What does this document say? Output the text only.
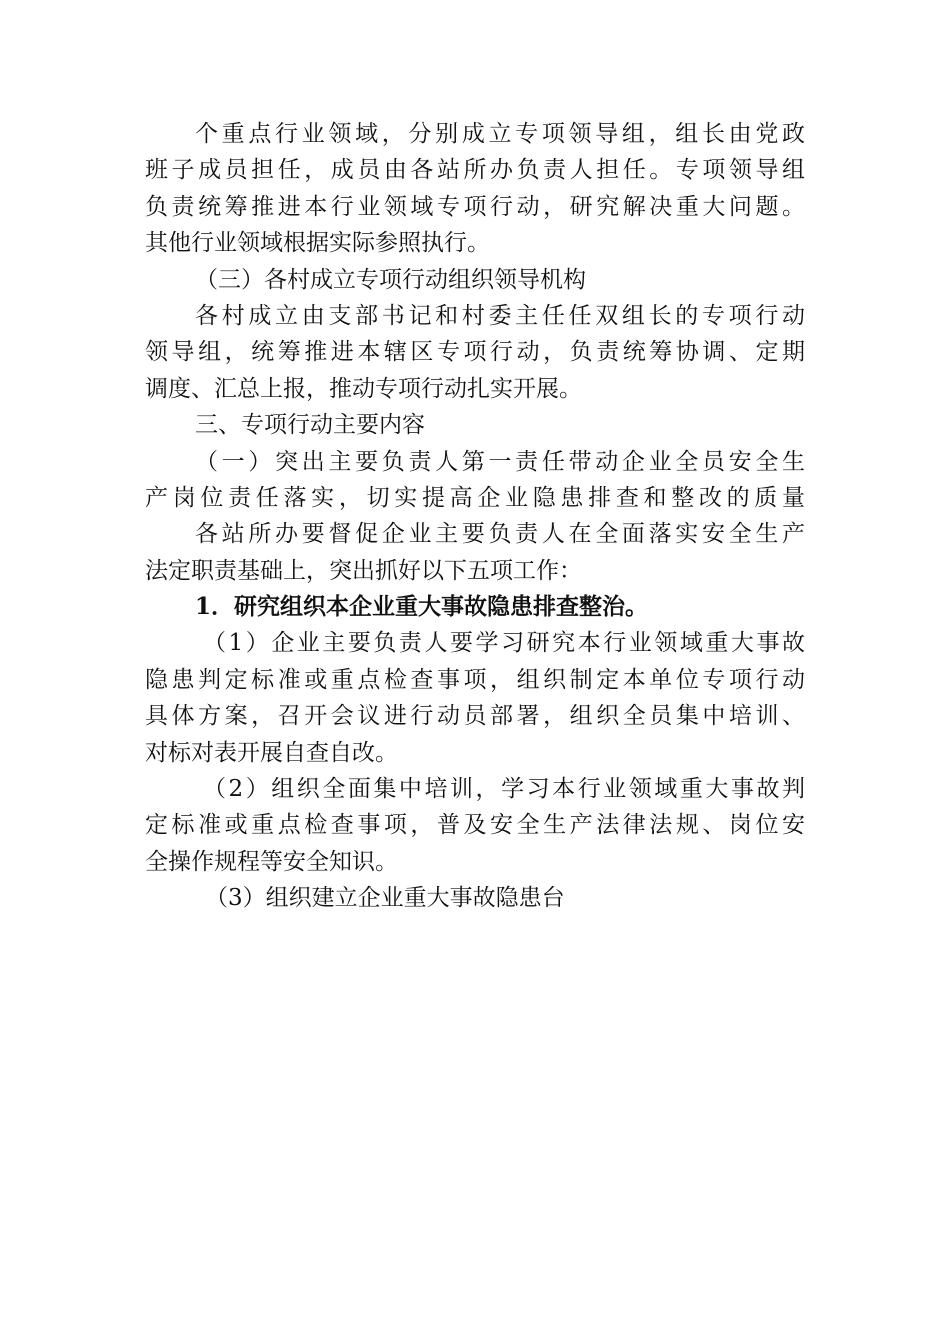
个重点行业领域，分别成立专项领导组，组长由党政
班子成员担任，成员由各站所办负责人担任。专项领导组
负责统筹推进本行业领域专项行动，研究解决重大问题。
其他行业领域根据实际参照执行。
（三）各村成立专项行动组织领导机构
各村成立由支部书记和村委主任任双组长的专项行动
领导组，统筹推进本辖区专项行动，负责统筹协调、定期
调度、汇总上报，推动专项行动扎实开展。
三、专项行动主要内容
（一）突出主要负责人第一责任带动企业全员安全生
产岗位责任落实，切实提高企业隐患排查和整改的质量
各站所办要督促企业主要负责人在全面落实安全生产
法定职责基础上，突出抓好以下五项工作：
1．研究组织本企业重大事故隐患排查整治。
（1）企业主要负责人要学习研究本行业领域重大事故
隐患判定标准或重点检查事项，组织制定本单位专项行动
具体方案，召开会议进行动员部署，组织全员集中培训、
对标对表开展自查自改。
（2）组织全面集中培训，学习本行业领域重大事故判
定标准或重点检查事项，普及安全生产法律法规、岗位安
全操作规程等安全知识。
（3）组织建立企业重大事故隐患台
